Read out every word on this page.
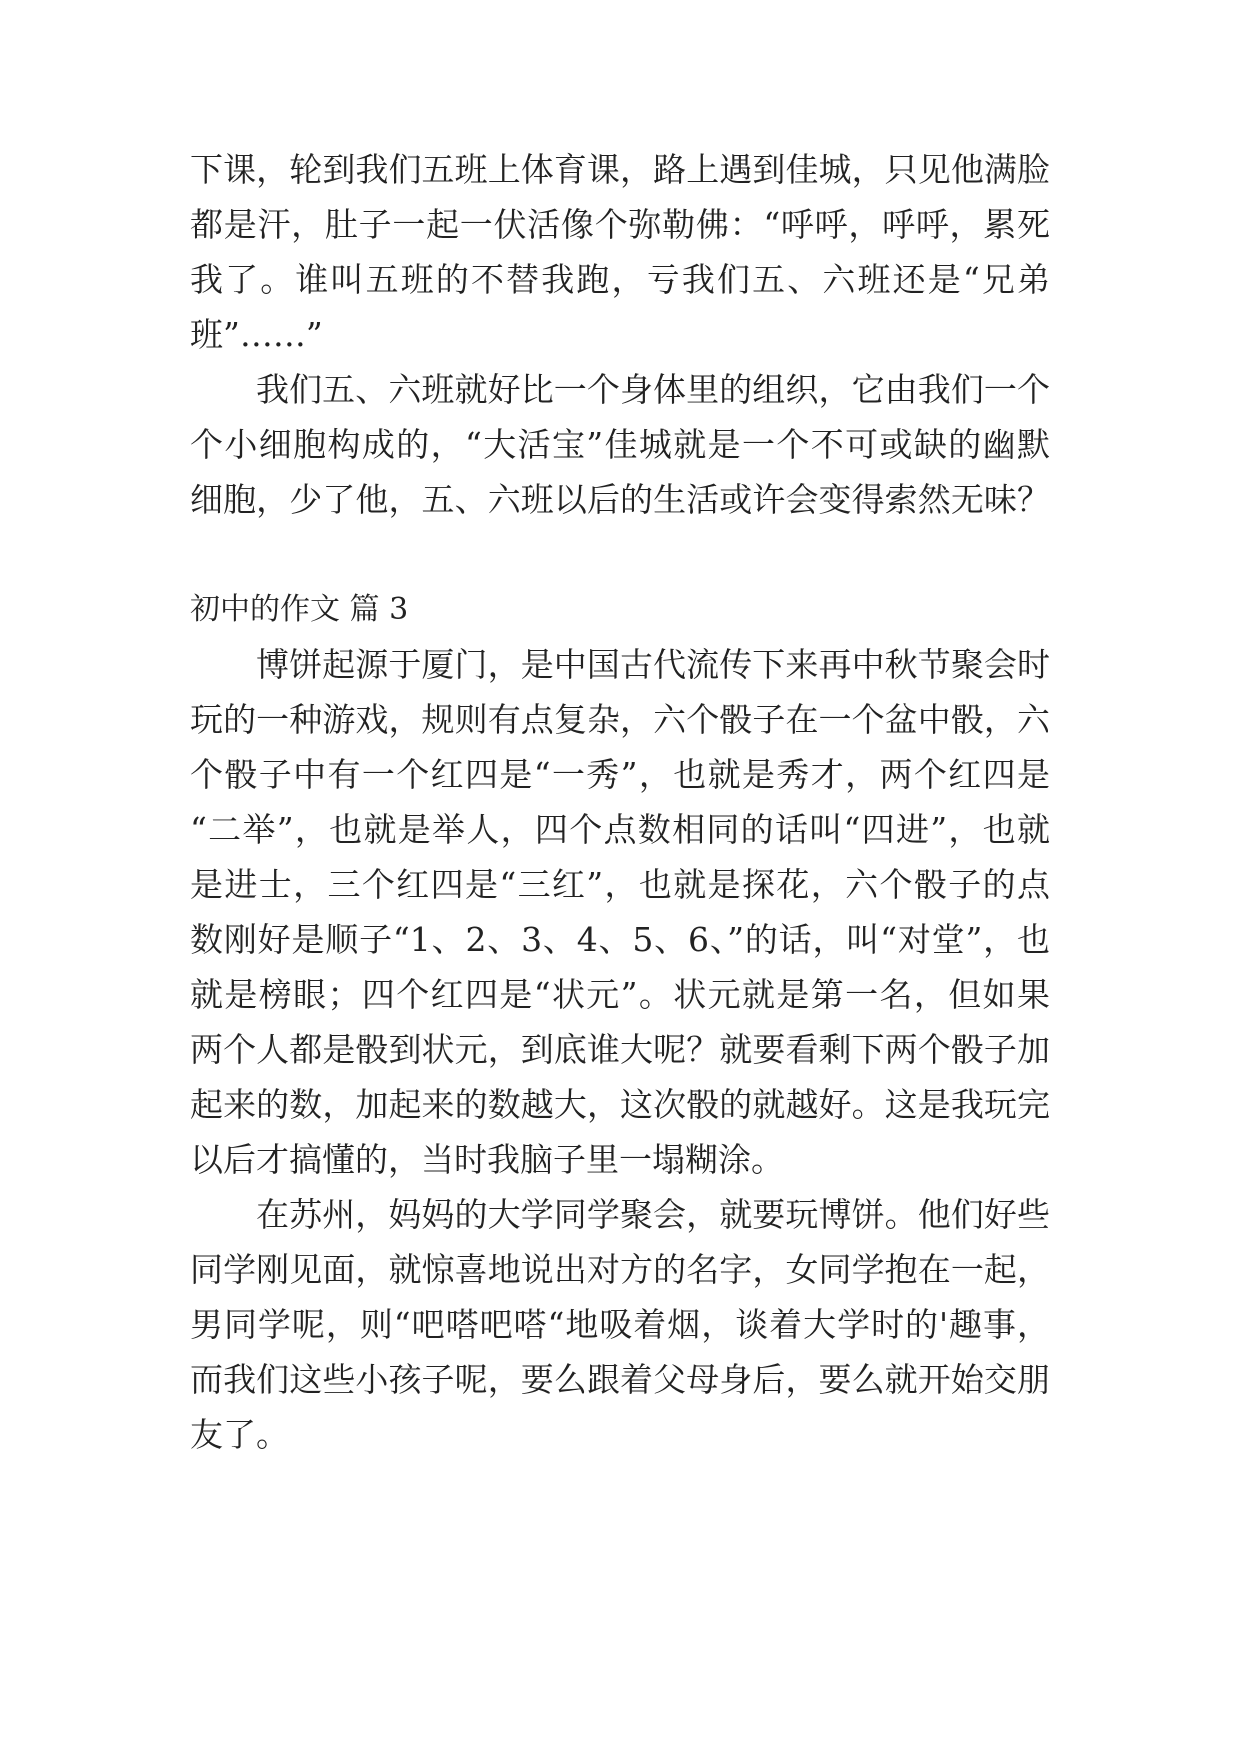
下课，轮到我们五班上体育课，路上遇到佳城，只见他满脸
都是汗，肚子一起一伏活像个弥勒佛：“呼呼，呼呼，累死
我了。谁叫五班的不替我跑，亏我们五、六班还是“兄弟
班”……”
我们五、六班就好比一个身体里的组织，它由我们一个
个小细胞构成的，“大活宝”佳城就是一个不可或缺的幽默
细胞，少了他，五、六班以后的生活或许会变得索然无味？
初中的作文 篇 3
博饼起源于厦门，是中国古代流传下来再中秋节聚会时
玩的一种游戏，规则有点复杂，六个骰子在一个盆中骰，六
个骰子中有一个红四是“一秀”，也就是秀才，两个红四是
“二举”，也就是举人，四个点数相同的话叫“四进”，也就
是进士，三个红四是“三红”，也就是探花，六个骰子的点
数刚好是顺子“1、2、3、4、5、6、”的话，叫“对堂”，也
就是榜眼；四个红四是“状元”。状元就是第一名，但如果
两个人都是骰到状元，到底谁大呢？就要看剩下两个骰子加
起来的数，加起来的数越大，这次骰的就越好。这是我玩完
以后才搞懂的，当时我脑子里一塌糊涂。
在苏州，妈妈的大学同学聚会，就要玩博饼。他们好些
同学刚见面，就惊喜地说出对方的名字，女同学抱在一起，
男同学呢，则“吧嗒吧嗒“地吸着烟，谈着大学时的'趣事，
而我们这些小孩子呢，要么跟着父母身后，要么就开始交朋
友了。
